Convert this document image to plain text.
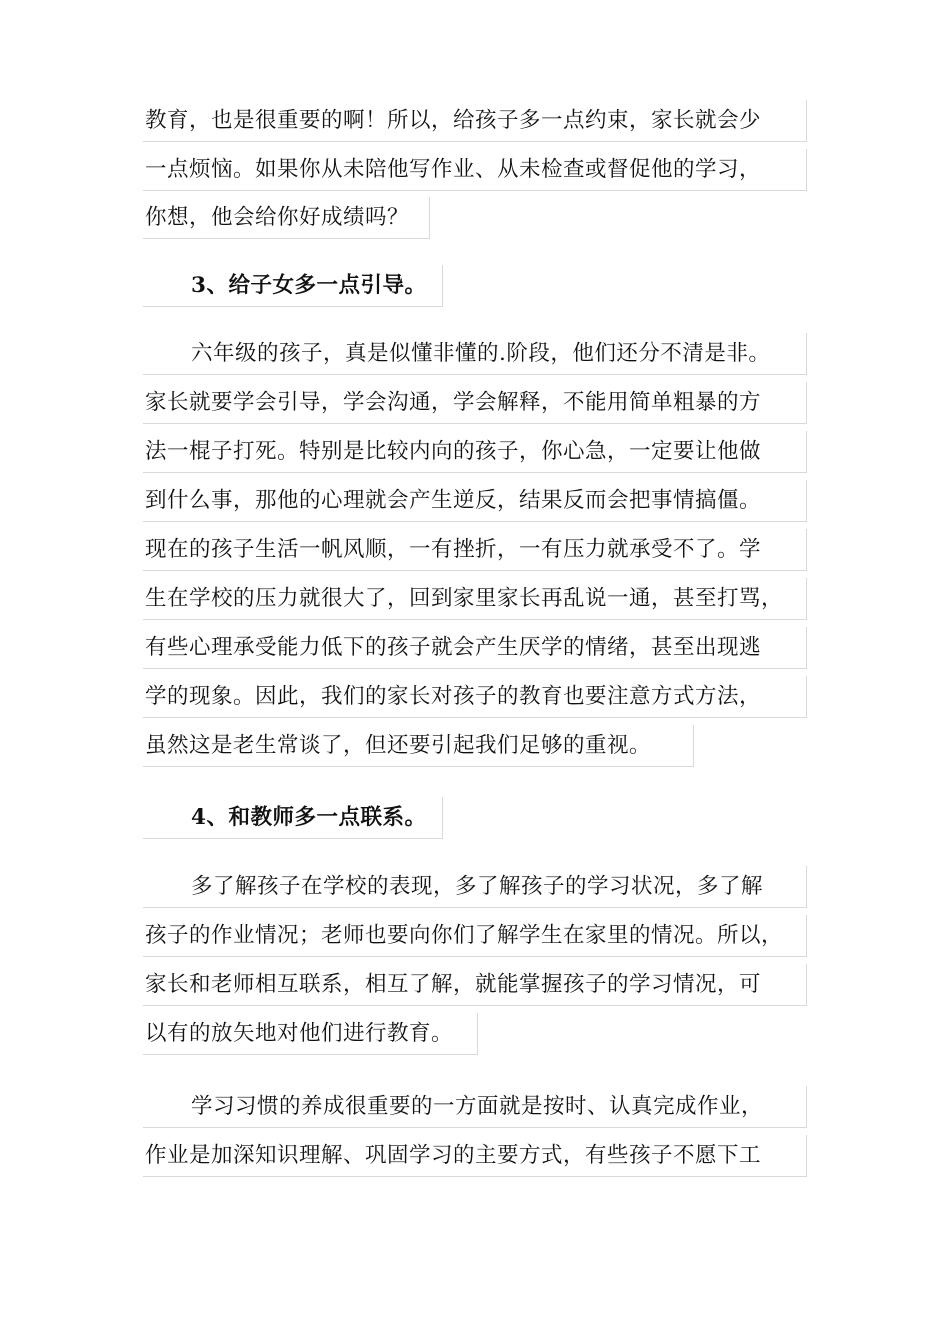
教育，也是很重要的啊！所以，给孩子多一点约束，家长就会少
一点烦恼。如果你从未陪他写作业、从未检查或督促他的学习，
你想，他会给你好成绩吗？
3、给子女多一点引导。
六年级的孩子，真是似懂非懂的.阶段，他们还分不清是非。
家长就要学会引导，学会沟通，学会解释，不能用简单粗暴的方
法一棍子打死。特别是比较内向的孩子，你心急，一定要让他做
到什么事，那他的心理就会产生逆反，结果反而会把事情搞僵。
现在的孩子生活一帆风顺，一有挫折，一有压力就承受不了。学
生在学校的压力就很大了，回到家里家长再乱说一通，甚至打骂，
有些心理承受能力低下的孩子就会产生厌学的情绪，甚至出现逃
学的现象。因此，我们的家长对孩子的教育也要注意方式方法，
虽然这是老生常谈了，但还要引起我们足够的重视。
4、和教师多一点联系。
多了解孩子在学校的表现，多了解孩子的学习状况，多了解
孩子的作业情况；老师也要向你们了解学生在家里的情况。所以，
家长和老师相互联系，相互了解，就能掌握孩子的学习情况，可
以有的放矢地对他们进行教育。
学习习惯的养成很重要的一方面就是按时、认真完成作业，
作业是加深知识理解、巩固学习的主要方式，有些孩子不愿下工
